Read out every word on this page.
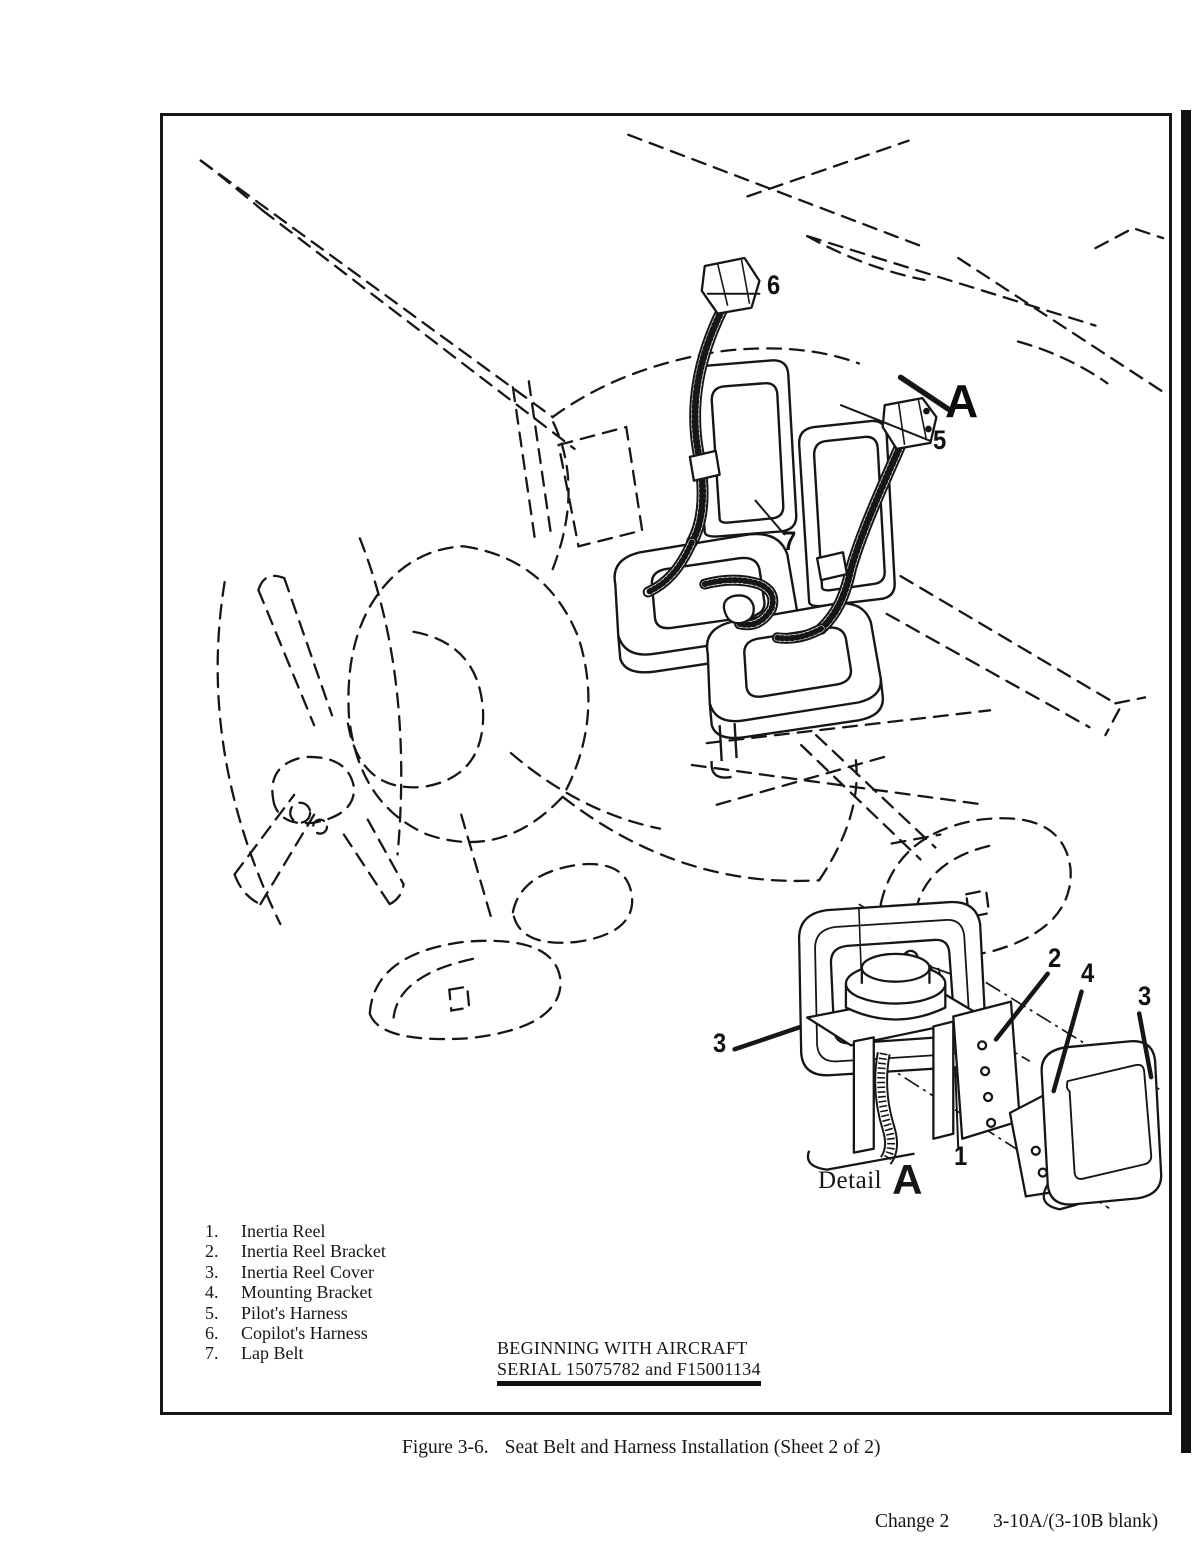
6
A
5
7
2 4
3
3
1
Detail A
1. Inertia Reel
2. Inertia Reel Bracket
3. Inertia Reel Cover
4. Mounting Bracket
5. Pilot's Harness
6. Copilot's Harness
7. Lap Belt	BEGINNING WITH AIRCRAFT
SERIAL 15075782 and F15001134
Figure 3-6. Seat Belt and Harness Installation (Sheet 2 of 2)
Change 2 3-10A/(3-10B blank)
